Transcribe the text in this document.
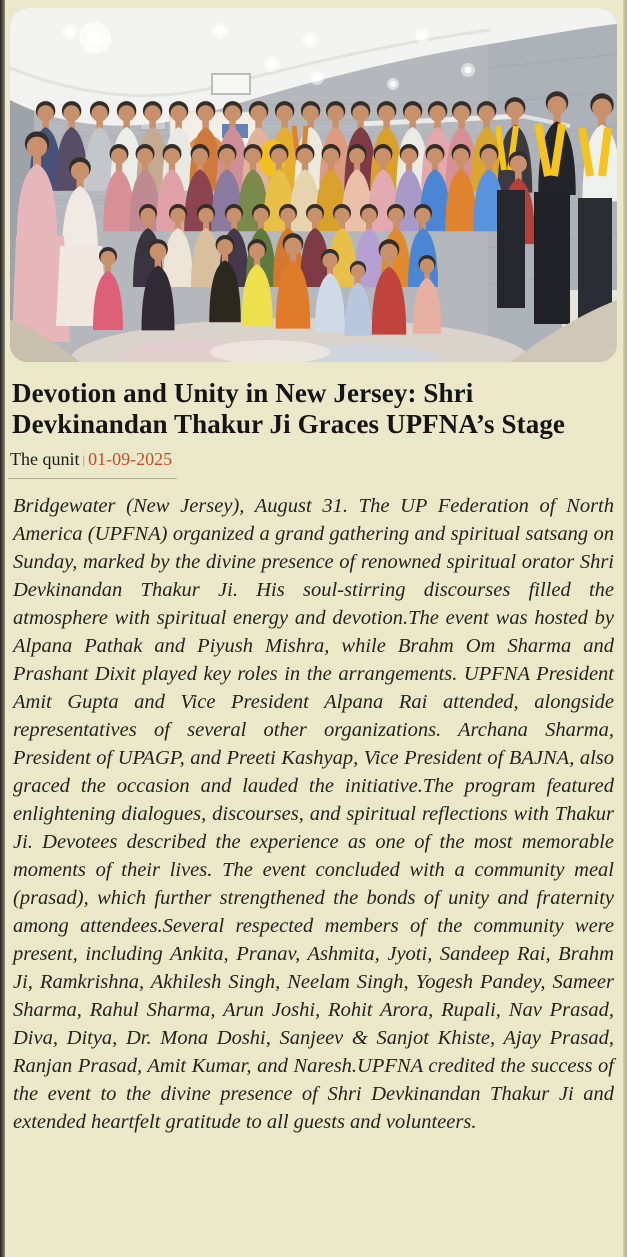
Devotion and Unity in New Jersey: Shri Devkinandan Thakur Ji Graces UPFNA’s Stage
The qunit | 01-09-2025

Bridgewater (New Jersey), August 31. The UP Federation of North America (UPFNA) organized a grand gathering and spiritual satsang on Sunday, marked by the divine presence of renowned spiritual orator Shri Devkinandan Thakur Ji. His soul-stirring discourses filled the atmosphere with spiritual energy and devotion.The event was hosted by Alpana Pathak and Piyush Mishra, while Brahm Om Sharma and Prashant Dixit played key roles in the arrangements. UPFNA President Amit Gupta and Vice President Alpana Rai attended, alongside representatives of several other organizations. Archana Sharma, President of UPAGP, and Preeti Kashyap, Vice President of BAJNA, also graced the occasion and lauded the initiative.The program featured enlightening dialogues, discourses, and spiritual reflections with Thakur Ji. Devotees described the experience as one of the most memorable moments of their lives. The event concluded with a community meal (prasad), which further strengthened the bonds of unity and fraternity among attendees.Several respected members of the community were present, including Ankita, Pranav, Ashmita, Jyoti, Sandeep Rai, Brahm Ji, Ramkrishna, Akhilesh Singh, Neelam Singh, Yogesh Pandey, Sameer Sharma, Rahul Sharma, Arun Joshi, Rohit Arora, Rupali, Nav Prasad, Diva, Ditya, Dr. Mona Doshi, Sanjeev & Sanjot Khiste, Ajay Prasad, Ranjan Prasad, Amit Kumar, and Naresh.UPFNA credited the success of the event to the divine presence of Shri Devkinandan Thakur Ji and extended heartfelt gratitude to all guests and volunteers.
